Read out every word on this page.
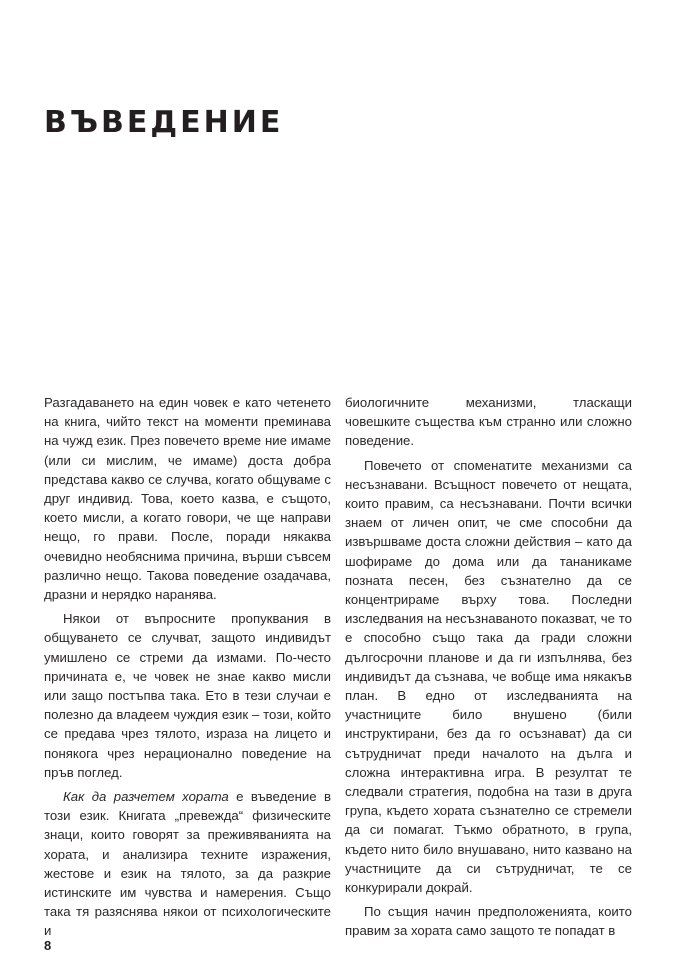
ВЪВЕДЕНИЕ

Разгадаването на един човек е като четенето на книга, чийто текст на моменти преминава на чужд език. През повечето време ние имаме (или си мислим, че имаме) доста добра представа какво се случва, когато общуваме с друг индивид. Това, което казва, е същото, което мисли, а когато говори, че ще направи нещо, го прави. После, поради някаква очевидно необяснима причина, върши съвсем различно нещо. Такова поведение озадачава, дразни и нерядко наранява.

Някои от въпросните пропуквания в общуването се случват, защото индивидът умишлено се стреми да измами. По-често причината е, че човек не знае какво мисли или защо постъпва така. Ето в тези случаи е полезно да владеем чуждия език – този, който се предава чрез тялото, израза на лицето и понякога чрез нерационално поведение на пръв поглед.

Как да разчетем хората е въведение в този език. Книгата „превежда“ физическите знаци, които говорят за преживяванията на хората, и анализира техните изражения, жестове и език на тялото, за да разкрие истинските им чувства и намерения. Също така тя разяснява някои от психологическите и

биологичните механизми, тласкащи човешките същества към странно или сложно поведение.

Повечето от споменатите механизми са несъзнавани. Всъщност повечето от нещата, които правим, са несъзнавани. Почти всички знаем от личен опит, че сме способни да извършваме доста сложни действия – като да шофираме до дома или да тананикаме позната песен, без съзнателно да се концентрираме върху това. Последни изследвания на несъзнаваното показват, че то е способно също така да гради сложни дългосрочни планове и да ги изпълнява, без индивидът да съзнава, че вобще има някакъв план. В едно от изследванията на участниците било внушено (били инструктирани, без да го осъзнават) да си сътрудничат преди началото на дълга и сложна интерактивна игра. В резултат те следвали стратегия, подобна на тази в друга група, където хората съзнателно се стремели да си помагат. Тъкмо обратното, в група, където нито било внушавано, нито казвано на участниците да си сътрудничат, те се конкурирали докрай.

По същия начин предположенията, които правим за хората само защото те попадат в

8
